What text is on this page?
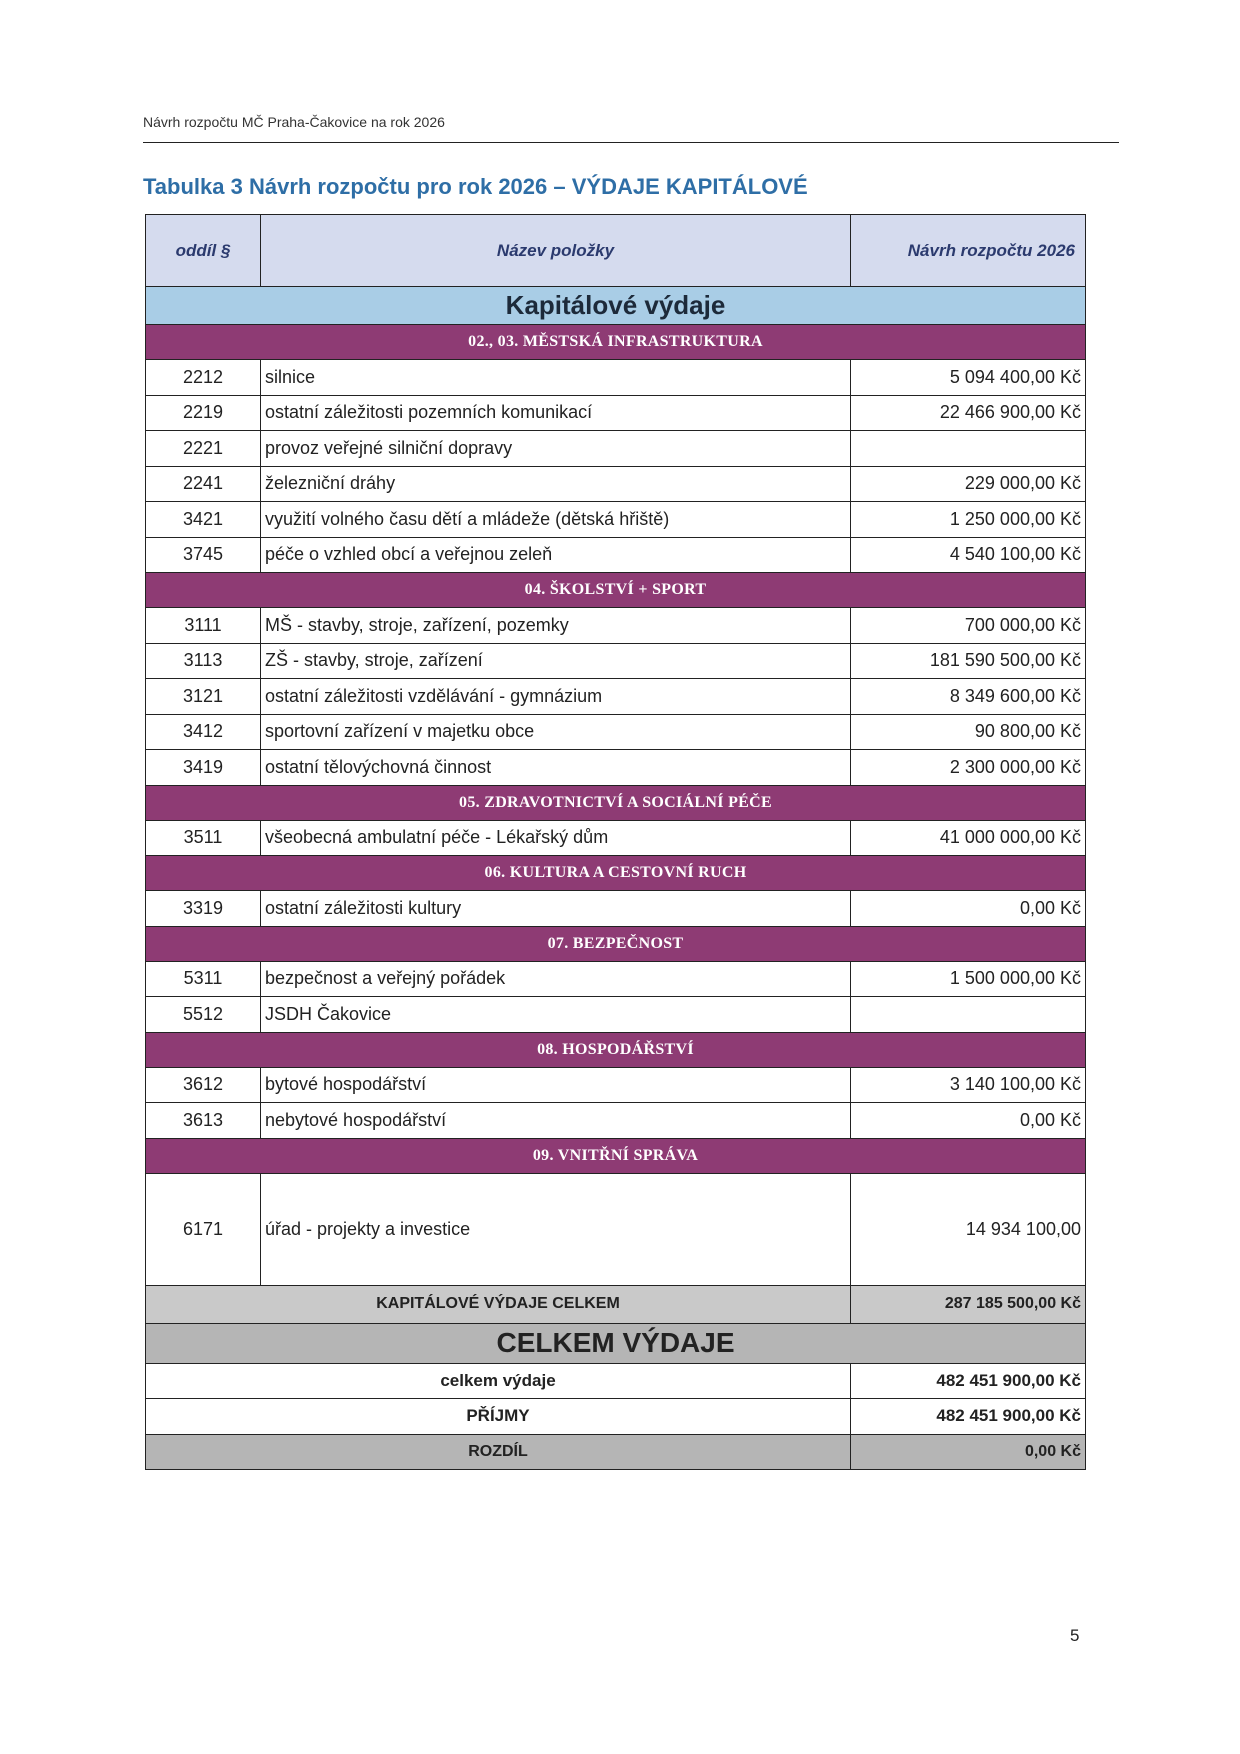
Návrh rozpočtu MČ Praha-Čakovice na rok 2026
Tabulka 3 Návrh rozpočtu pro rok 2026 – VÝDAJE KAPITÁLOVÉ
oddíl §	Název položky	Návrh rozpočtu 2026
Kapitálové výdaje		
02., 03. MĚSTSKÁ INFRASTRUKTURA		
2212	silnice	5 094 400,00 Kč
2219	ostatní záležitosti pozemních komunikací	22 466 900,00 Kč
2221	provoz veřejné silniční dopravy	
2241	železniční dráhy	229 000,00 Kč
3421	využití volného času dětí a mládeže (dětská hřiště)	1 250 000,00 Kč
3745	péče o vzhled obcí a veřejnou zeleň	4 540 100,00 Kč
04. ŠKOLSTVÍ + SPORT		
3111	MŠ - stavby, stroje, zařízení, pozemky	700 000,00 Kč
3113	ZŠ - stavby, stroje, zařízení	181 590 500,00 Kč
3121	ostatní záležitosti vzdělávání - gymnázium	8 349 600,00 Kč
3412	sportovní zařízení v majetku obce	90 800,00 Kč
3419	ostatní tělovýchovná činnost	2 300 000,00 Kč
05. ZDRAVOTNICTVÍ A SOCIÁLNÍ PÉČE		
3511	všeobecná ambulatní péče - Lékařský dům	41 000 000,00 Kč
06. KULTURA A CESTOVNÍ RUCH		
3319	ostatní záležitosti kultury	0,00 Kč
07. BEZPEČNOST		
5311	bezpečnost a veřejný pořádek	1 500 000,00 Kč
5512	JSDH Čakovice	
08. HOSPODÁŘSTVÍ		
3612	bytové hospodářství	3 140 100,00 Kč
3613	nebytové hospodářství	0,00 Kč
09. VNITŘNÍ SPRÁVA		
6171	úřad - projekty a investice	14 934 100,00
KAPITÁLOVÉ VÝDAJE CELKEM		287 185 500,00 Kč
CELKEM VÝDAJE		
celkem výdaje		482 451 900,00 Kč
PŘÍJMY		482 451 900,00 Kč
ROZDÍL		0,00 Kč
5
